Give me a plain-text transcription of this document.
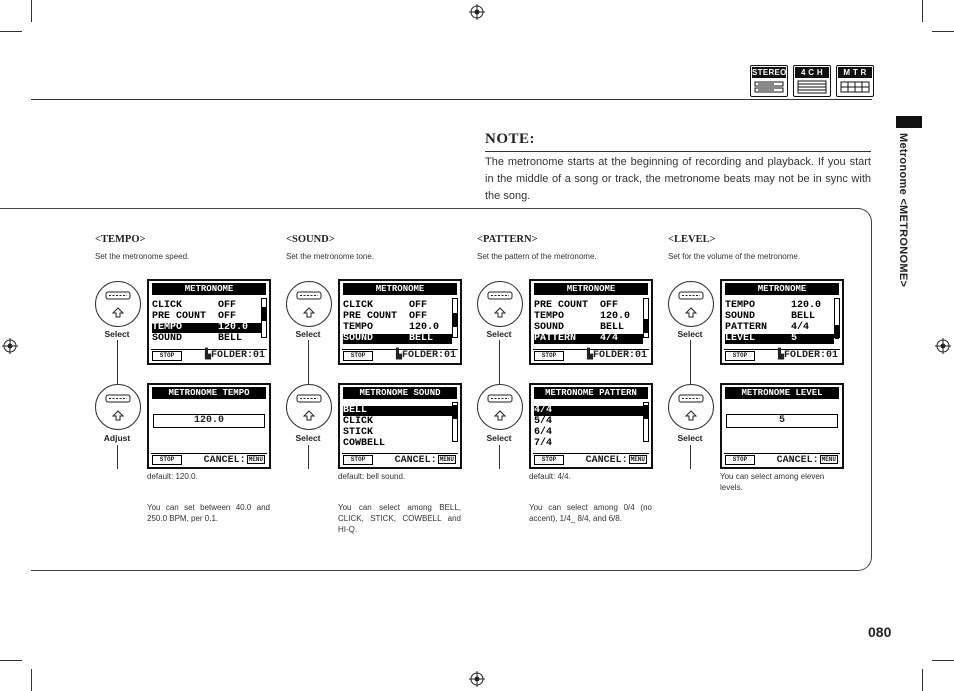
STEREO	4 C H	M T R
Metronome <METRONOME>
NOTE:
The metronome starts at the beginning of recording and playback. If you start in the middle of a song or track, the metronome beats may not be in sync with the song.
<TEMPO>
Set the metronome speed.
Select
Adjust
METRONOME
CLICK      OFF
PRE COUNT  OFF
TEMPO      120.0
SOUND      BELL
STOP	▙FOLDER:01
METRONOME TEMPO
120.0
STOP	CANCEL: MENU
default: 120.0.
You can set between 40.0 and 250.0 BPM, per 0.1.
<SOUND>
Set the metronome tone.
Select
Select
METRONOME
CLICK      OFF
PRE COUNT  OFF
TEMPO      120.0
SOUND      BELL
STOP	▙FOLDER:01
METRONOME SOUND
BELL
CLICK
STICK
COWBELL
STOP	CANCEL: MENU
default: bell sound.
You can select among BELL, CLICK, STICK, COWBELL and HI-Q.
<PATTERN>
Set the pattern of the metronome.
Select
Select
METRONOME
PRE COUNT  OFF
TEMPO      120.0
SOUND      BELL
PATTERN    4/4
STOP	▙FOLDER:01
METRONOME PATTERN
4/4
5/4
6/4
7/4
STOP	CANCEL: MENU
default: 4/4.
You can select among 0/4 (no accent), 1/4_ 8/4, and 6/8.
<LEVEL>
Set for the volume of the metronome.
Select
Select
METRONOME
TEMPO      120.0
SOUND      BELL
PATTERN    4/4
LEVEL      5
STOP	▙FOLDER:01
METRONOME LEVEL
5
STOP	CANCEL: MENU
You can select among eleven levels.
080
